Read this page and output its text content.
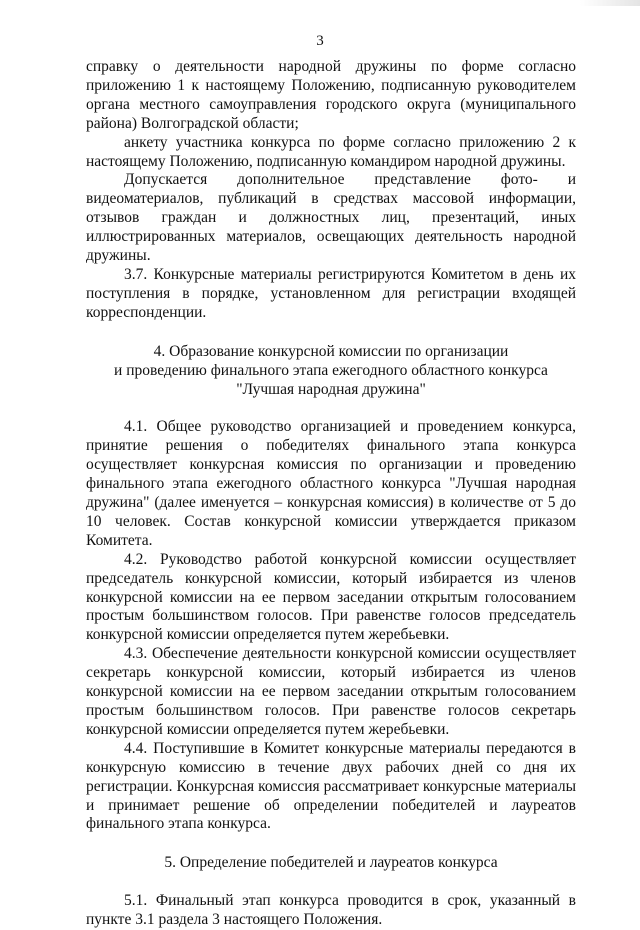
3

справку о деятельности народной дружины по форме согласно приложению 1 к настоящему Положению, подписанную руководителем органа местного самоуправления городского округа (муниципального района) Волгоградской области;

анкету участника конкурса по форме согласно приложению 2 к настоящему Положению, подписанную командиром народной дружины.

Допускается дополнительное представление фото- и видеоматериалов, публикаций в средствах массовой информации, отзывов граждан и должностных лиц, презентаций, иных иллюстрированных материалов, освещающих деятельность народной дружины.

3.7. Конкурсные материалы регистрируются Комитетом в день их поступления в порядке, установленном для регистрации входящей корреспонденции.

4. Образование конкурсной комиссии по организации
и проведению финального этапа ежегодного областного конкурса
"Лучшая народная дружина"

4.1. Общее руководство организацией и проведением конкурса, принятие решения о победителях финального этапа конкурса осуществляет конкурсная комиссия по организации и проведению финального этапа ежегодного областного конкурса "Лучшая народная дружина" (далее именуется – конкурсная комиссия) в количестве от 5 до 10 человек. Состав конкурсной комиссии утверждается приказом Комитета.

4.2. Руководство работой конкурсной комиссии осуществляет председатель конкурсной комиссии, который избирается из членов конкурсной комиссии на ее первом заседании открытым голосованием простым большинством голосов. При равенстве голосов председатель конкурсной комиссии определяется путем жеребьевки.

4.3. Обеспечение деятельности конкурсной комиссии осуществляет секретарь конкурсной комиссии, который избирается из членов конкурсной комиссии на ее первом заседании открытым голосованием простым большинством голосов. При равенстве голосов секретарь конкурсной комиссии определяется путем жеребьевки.

4.4. Поступившие в Комитет конкурсные материалы передаются в конкурсную комиссию в течение двух рабочих дней со дня их регистрации. Конкурсная комиссия рассматривает конкурсные материалы и принимает решение об определении победителей и лауреатов финального этапа конкурса.

5. Определение победителей и лауреатов конкурса

5.1. Финальный этап конкурса проводится в срок, указанный в пункте 3.1 раздела 3 настоящего Положения.
